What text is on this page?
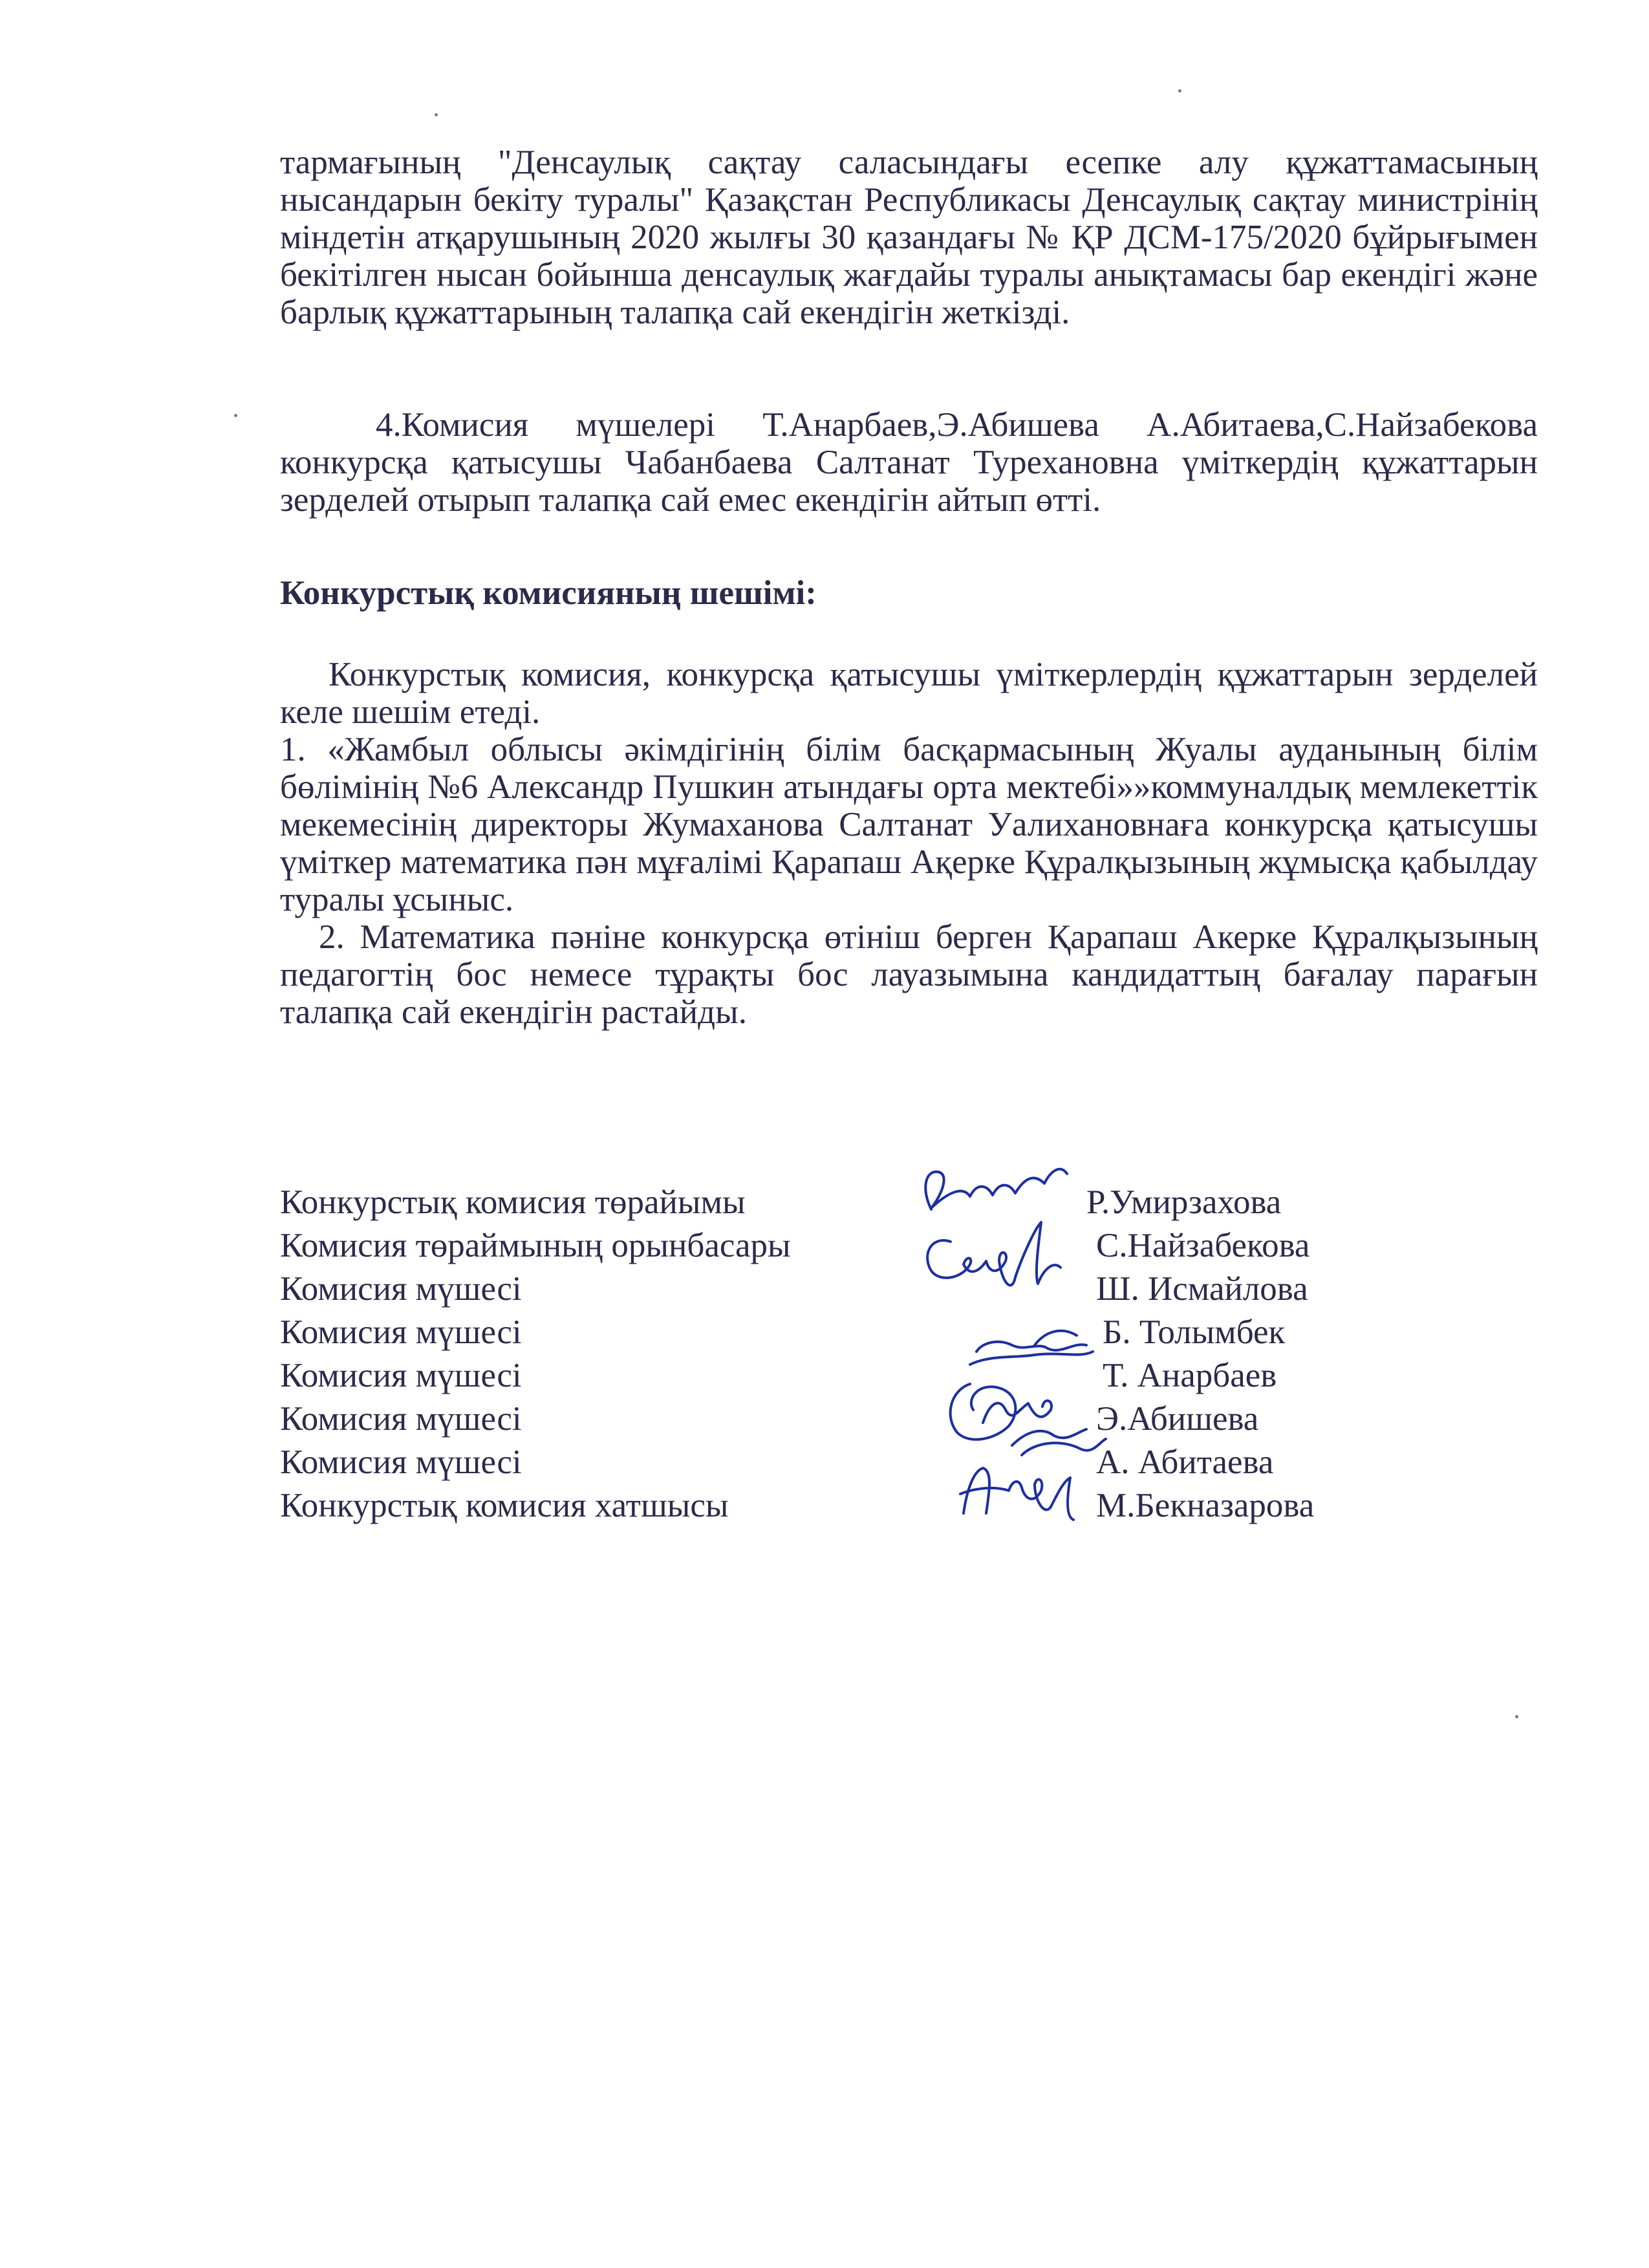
тармағының "Денсаулық сақтау саласындағы есепке алу құжаттамасының нысандарын бекіту туралы" Қазақстан Республикасы Денсаулық сақтау министрінің міндетін атқарушының 2020 жылғы 30 қазандағы № ҚР ДСМ-175/2020 бұйрығымен бекітілген нысан бойынша денсаулық жағдайы туралы анықтамасы бар екендігі және барлық құжаттарының талапқа сай екендігін жеткізді.

4.Комисия мүшелері Т.Анарбаев,Э.Абишева А.Абитаева,С.Найзабекова конкурсқа қатысушы Чабанбаева Салтанат Турехановна үміткердің құжаттарын зерделей отырып талапқа сай емес екендігін айтып өтті.

Конкурстық комисияның шешімі:

Конкурстық комисия, конкурсқа қатысушы үміткерлердің құжаттарын зерделей келе шешім етеді.

1. «Жамбыл облысы әкімдігінің білім басқармасының Жуалы ауданының білім бөлімінің №6 Александр Пушкин атындағы орта мектебі»»коммуналдық мемлекеттік мекемесінің директоры Жумаханова Салтанат Уалихановнаға конкурсқа қатысушы үміткер математика пән мұғалімі Қарапаш Ақерке Құралқызының жұмысқа қабылдау туралы ұсыныс.

2. Математика пәніне конкурсқа өтініш берген Қарапаш Акерке Құралқызының педагогтің бос немесе тұрақты бос лауазымына кандидаттың бағалау парағын талапқа сай екендігін растайды.

Конкурстық комисия төрайымы	Р.Умирзахова
Комисия төраймының орынбасары	С.Найзабекова
Комисия мүшесі	Ш. Исмайлова
Комисия мүшесі	Б. Толымбек
Комисия мүшесі	Т. Анарбаев
Комисия мүшесі	Э.Абишева
Комисия мүшесі	А. Абитаева
Конкурстық комисия хатшысы	М.Бекназарова
